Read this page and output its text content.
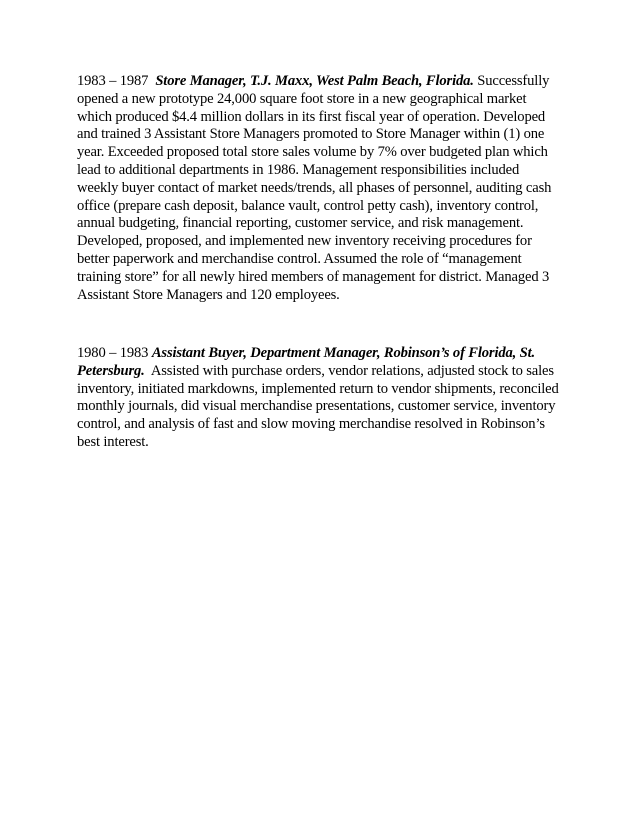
1983 – 1987 Store Manager, T.J. Maxx, West Palm Beach, Florida. Successfully opened a new prototype 24,000 square foot store in a new geographical market which produced $4.4 million dollars in its first fiscal year of operation. Developed and trained 3 Assistant Store Managers promoted to Store Manager within (1) one year. Exceeded proposed total store sales volume by 7% over budgeted plan which lead to additional departments in 1986. Management responsibilities included weekly buyer contact of market needs/trends, all phases of personnel, auditing cash office (prepare cash deposit, balance vault, control petty cash), inventory control, annual budgeting, financial reporting, customer service, and risk management. Developed, proposed, and implemented new inventory receiving procedures for better paperwork and merchandise control. Assumed the role of “management training store” for all newly hired members of management for district. Managed 3 Assistant Store Managers and 120 employees.

1980 – 1983 Assistant Buyer, Department Manager, Robinson’s of Florida, St. Petersburg. Assisted with purchase orders, vendor relations, adjusted stock to sales inventory, initiated markdowns, implemented return to vendor shipments, reconciled monthly journals, did visual merchandise presentations, customer service, inventory control, and analysis of fast and slow moving merchandise resolved in Robinson’s best interest.
